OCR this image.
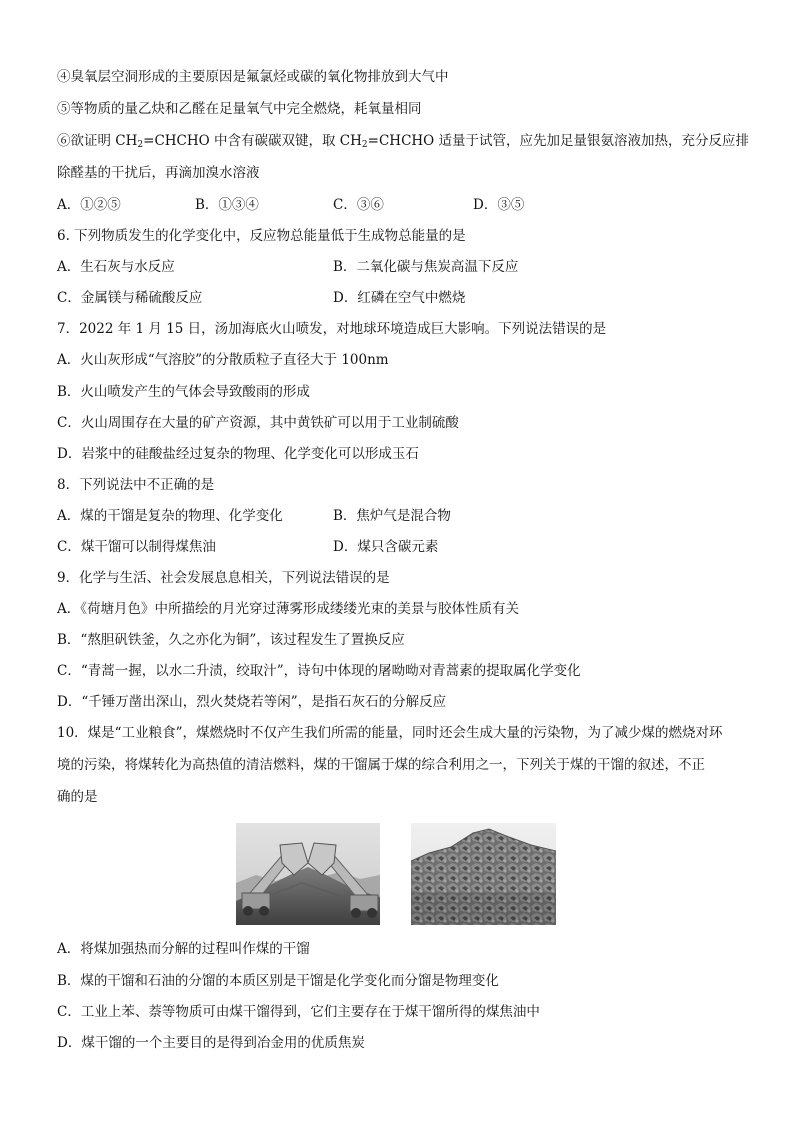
④臭氧层空洞形成的主要原因是氟氯烃或碳的氧化物排放到大气中
⑤等物质的量乙炔和乙醛在足量氧气中完全燃烧，耗氧量相同
⑥欲证明 $CH_2=CHCHO$ 中含有碳碳双键，取 $CH_2=CHCHO$ 适量于试管，应先加足量银氨溶液加热，充分反应排
除醛基的干扰后，再滴加溴水溶液
A．①②⑤	B．①③④	C．③⑥	D．③⑤
6. 下列物质发生的化学变化中，反应物总能量低于生成物总能量的是
A．生石灰与水反应	B．二氧化碳与焦炭高温下反应
C．金属镁与稀硫酸反应	D．红磷在空气中燃烧
7．2022 年 1 月 15 日，汤加海底火山喷发，对地球环境造成巨大影响。下列说法错误的是
A．火山灰形成“气溶胶”的分散质粒子直径大于 100nm
B．火山喷发产生的气体会导致酸雨的形成
C．火山周围存在大量的矿产资源，其中黄铁矿可以用于工业制硫酸
D．岩浆中的硅酸盐经过复杂的物理、化学变化可以形成玉石
8．下列说法中不正确的是
A．煤的干馏是复杂的物理、化学变化	B．焦炉气是混合物
C．煤干馏可以制得煤焦油	D．煤只含碳元素
9．化学与生活、社会发展息息相关，下列说法错误的是
A．《荷塘月色》中所描绘的月光穿过薄雾形成缕缕光束的美景与胶体性质有关
B．“熬胆矾铁釜，久之亦化为铜”，该过程发生了置换反应
C．“青蒿一握，以水二升渍，绞取汁”，诗句中体现的屠呦呦对青蒿素的提取属化学变化
D．“千锤万凿出深山，烈火焚烧若等闲”，是指石灰石的分解反应
10．煤是“工业粮食”，煤燃烧时不仅产生我们所需的能量，同时还会生成大量的污染物，为了减少煤的燃烧对环
境的污染，将煤转化为高热值的清洁燃料，煤的干馏属于煤的综合利用之一，下列关于煤的干馏的叙述，不正
确的是
A．将煤加强热而分解的过程叫作煤的干馏
B．煤的干馏和石油的分馏的本质区别是干馏是化学变化而分馏是物理变化
C．工业上苯、萘等物质可由煤干馏得到，它们主要存在于煤干馏所得的煤焦油中
D．煤干馏的一个主要目的是得到冶金用的优质焦炭
